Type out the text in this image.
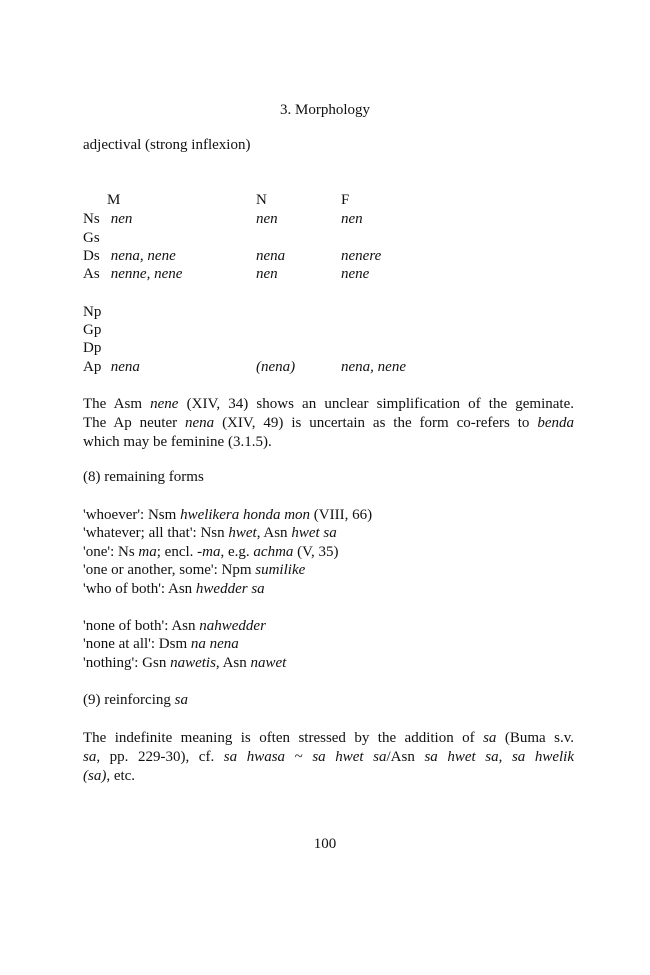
3. Morphology
adjectival (strong inflexion)
M	N	F
Ns nen	nen	nen
Gs
Ds nena, nene	nena	nenere
As nenne, nene	nen	nene
Np
Gp
Dp
Ap nena	(nena)	nena, nene
The Asm nene (XIV, 34) shows an unclear simplification of the geminate.
The Ap neuter nena (XIV, 49) is uncertain as the form co-refers to benda
which may be feminine (3.1.5).
(8) remaining forms
'whoever': Nsm hwelikera honda mon (VIII, 66)
'whatever; all that': Nsn hwet, Asn hwet sa
'one': Ns ma; encl. -ma, e.g. achma (V, 35)
'one or another, some': Npm sumilike
'who of both': Asn hwedder sa
'none of both': Asn nahwedder
'none at all': Dsm na nena
'nothing': Gsn nawetis, Asn nawet
(9) reinforcing sa
The indefinite meaning is often stressed by the addition of sa (Buma s.v.
sa, pp. 229-30), cf. sa hwasa ~ sa hwet sa/Asn sa hwet sa, sa hwelik
(sa), etc.
100
